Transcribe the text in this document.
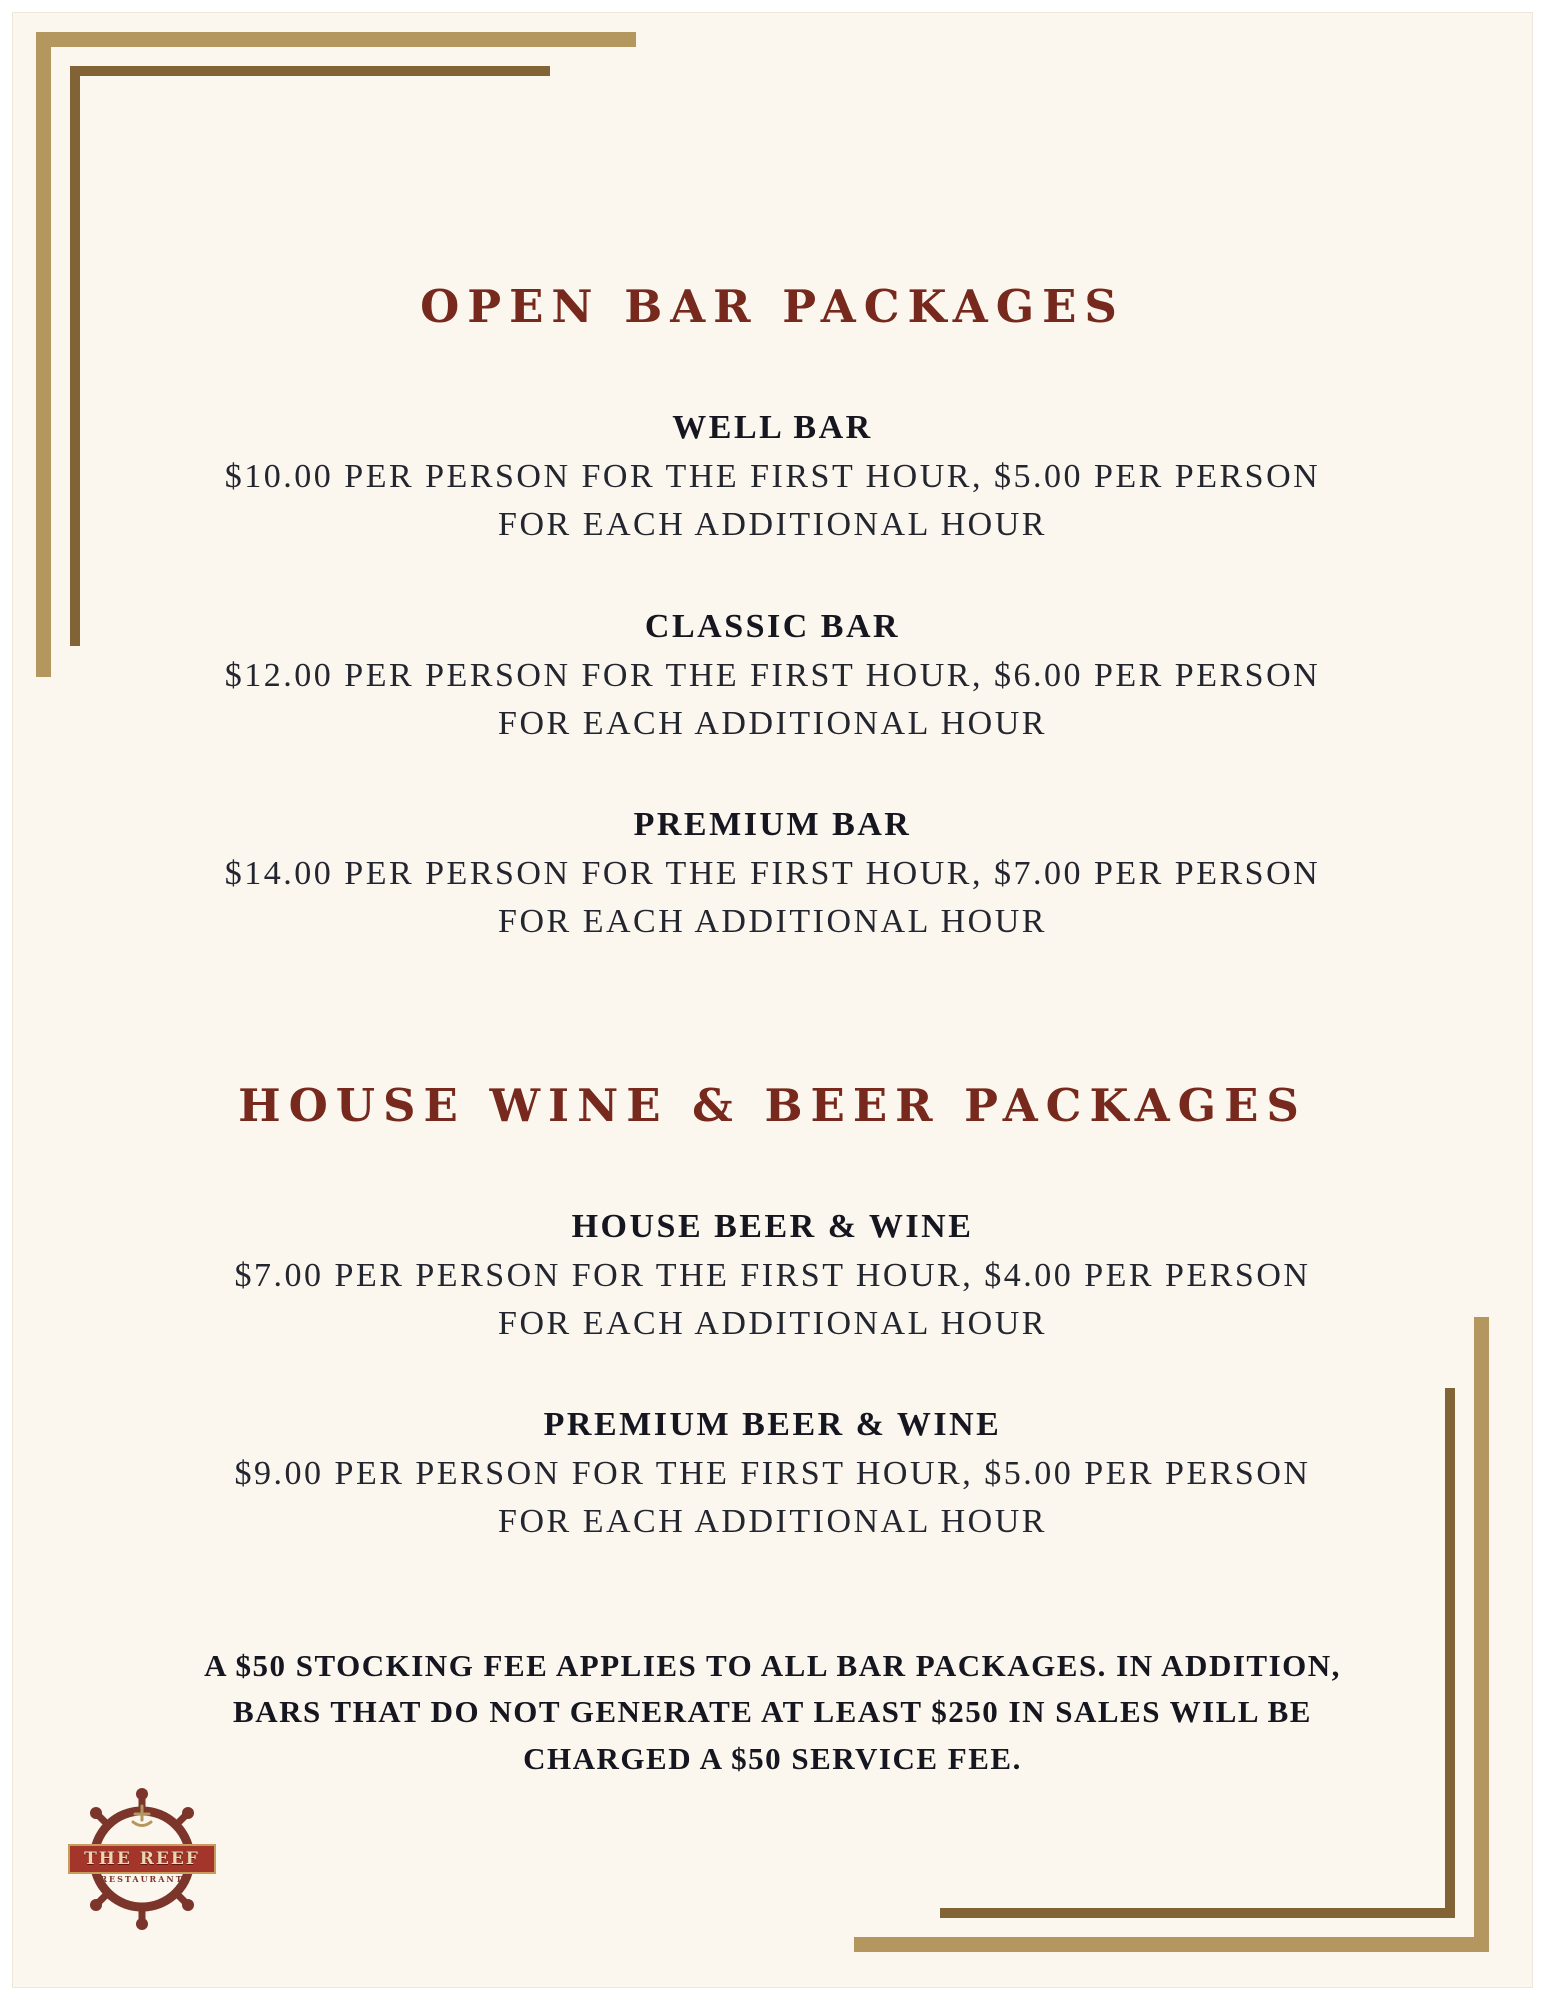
OPEN BAR PACKAGES

WELL BAR

$10.00 PER PERSON FOR THE FIRST HOUR, $5.00 PER PERSON FOR EACH ADDITIONAL HOUR

CLASSIC BAR

$12.00 PER PERSON FOR THE FIRST HOUR, $6.00 PER PERSON FOR EACH ADDITIONAL HOUR

PREMIUM BAR

$14.00 PER PERSON FOR THE FIRST HOUR, $7.00 PER PERSON FOR EACH ADDITIONAL HOUR

HOUSE WINE & BEER PACKAGES

HOUSE BEER & WINE

$7.00 PER PERSON FOR THE FIRST HOUR, $4.00 PER PERSON FOR EACH ADDITIONAL HOUR

PREMIUM BEER & WINE

$9.00 PER PERSON FOR THE FIRST HOUR, $5.00 PER PERSON FOR EACH ADDITIONAL HOUR

A $50 STOCKING FEE APPLIES TO ALL BAR PACKAGES. IN ADDITION, BARS THAT DO NOT GENERATE AT LEAST $250 IN SALES WILL BE CHARGED A $50 SERVICE FEE.

THE REEF
RESTAURANT
